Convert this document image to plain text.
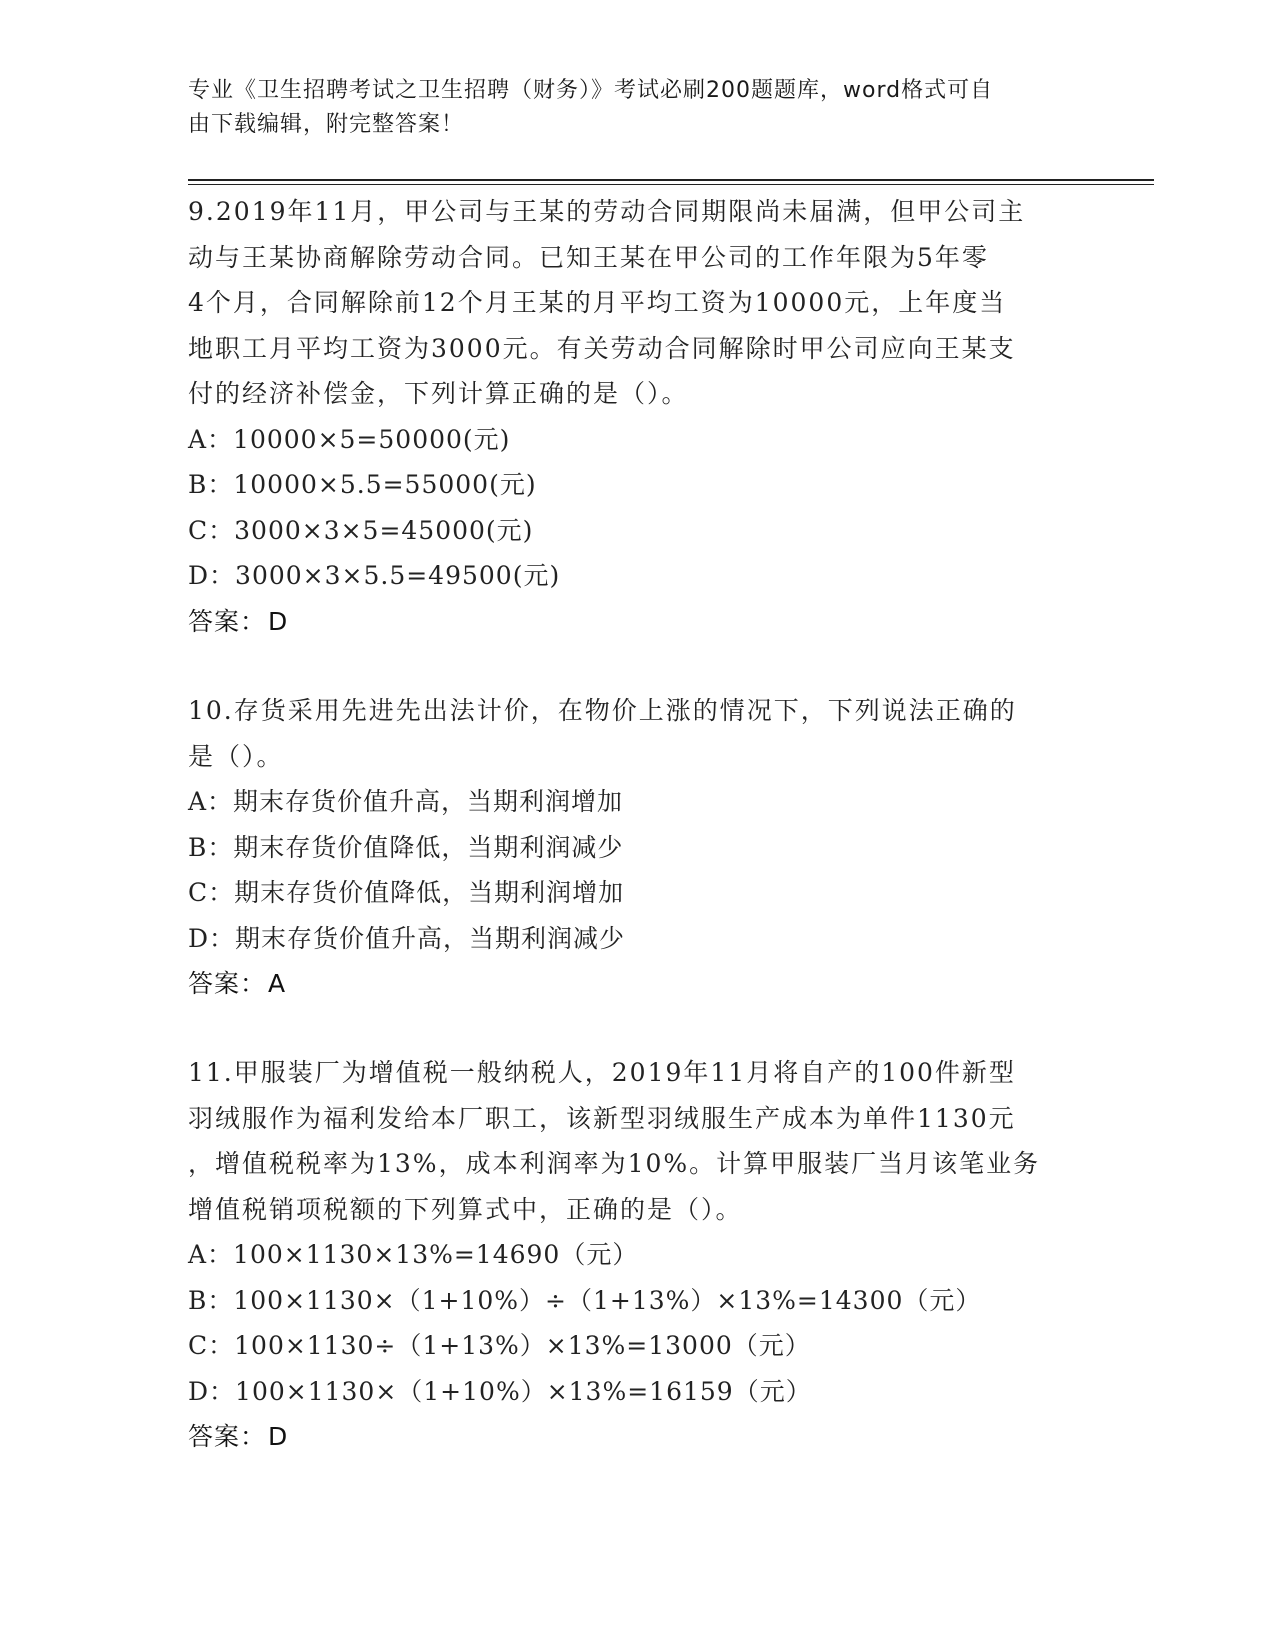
专业《卫生招聘考试之卫生招聘（财务）》考试必刷200题题库，word格式可自
由下载编辑，附完整答案！

9.2019年11月，甲公司与王某的劳动合同期限尚未届满，但甲公司主

动与王某协商解除劳动合同。已知王某在甲公司的工作年限为5年零

4个月，合同解除前12个月王某的月平均工资为10000元，上年度当

地职工月平均工资为3000元。有关劳动合同解除时甲公司应向王某支

付的经济补偿金，下列计算正确的是（）。

A：10000×5=50000(元)

B：10000×5.5=55000(元)

C：3000×3×5=45000(元)

D：3000×3×5.5=49500(元)

答案：D

10.存货采用先进先出法计价，在物价上涨的情况下，下列说法正确的

是（）。

A：期末存货价值升高，当期利润增加

B：期末存货价值降低，当期利润减少

C：期末存货价值降低，当期利润增加

D：期末存货价值升高，当期利润减少

答案：A

11.甲服装厂为增值税一般纳税人，2019年11月将自产的100件新型

羽绒服作为福利发给本厂职工，该新型羽绒服生产成本为单件1130元

，增值税税率为13%，成本利润率为10%。计算甲服装厂当月该笔业务

增值税销项税额的下列算式中，正确的是（）。

A：100×1130×13%=14690（元）

B：100×1130×（1+10%）÷（1+13%）×13%=14300（元）

C：100×1130÷（1+13%）×13%=13000（元）

D：100×1130×（1+10%）×13%=16159（元）

答案：D
